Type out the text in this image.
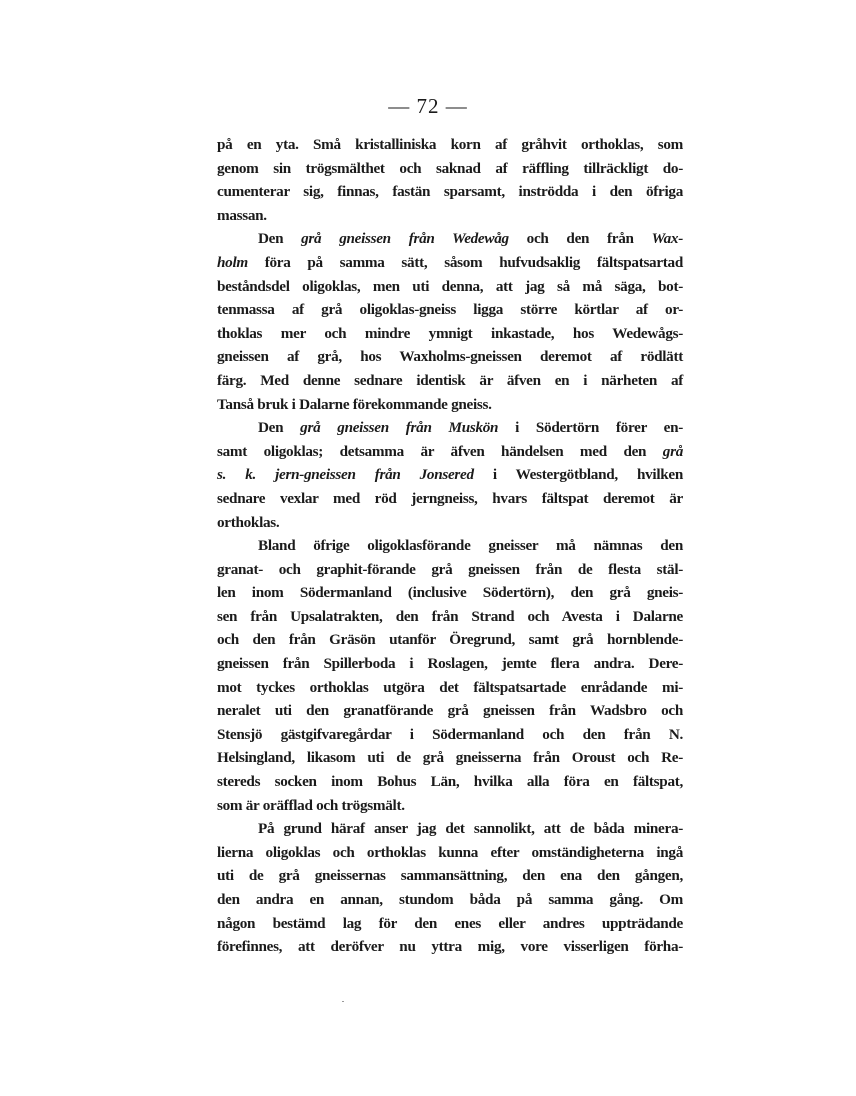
— 72 —
på en yta. Små kristalliniska korn af gråhvit orthoklas, som
genom sin trögsmälthet och saknad af räffling tillräckligt do-
cumenterar sig, finnas, fastän sparsamt, inströdda i den öfriga
massan.
Den grå gneissen från Wedewåg och den från Wax-
holm föra på samma sätt, såsom hufvudsaklig fältspatsartad
beståndsdel oligoklas, men uti denna, att jag så må säga, bot-
tenmassa af grå oligoklas-gneiss ligga större körtlar af or-
thoklas mer och mindre ymnigt inkastade, hos Wedewågs-
gneissen af grå, hos Waxholms-gneissen deremot af rödlätt
färg. Med denne sednare identisk är äfven en i närheten af
Tanså bruk i Dalarne förekommande gneiss.
Den grå gneissen från Muskön i Södertörn förer en-
samt oligoklas; detsamma är äfven händelsen med den grå
s. k. jern-gneissen från Jonsered i Westergötbland, hvilken
sednare vexlar med röd jerngneiss, hvars fältspat deremot är
orthoklas.
Bland öfrige oligoklasförande gneisser må nämnas den
granat- och graphit-förande grå gneissen från de flesta stäl-
len inom Södermanland (inclusive Södertörn), den grå gneis-
sen från Upsalatrakten, den från Strand och Avesta i Dalarne
och den från Gräsön utanför Öregrund, samt grå hornblende-
gneissen från Spillerboda i Roslagen, jemte flera andra. Dere-
mot tyckes orthoklas utgöra det fältspatsartade enrådande mi-
neralet uti den granatförande grå gneissen från Wadsbro och
Stensjö gästgifvaregårdar i Södermanland och den från N.
Helsingland, likasom uti de grå gneisserna från Oroust och Re-
stereds socken inom Bohus Län, hvilka alla föra en fältspat,
som är oräfflad och trögsmält.
På grund häraf anser jag det sannolikt, att de båda minera-
lierna oligoklas och orthoklas kunna efter omständigheterna ingå
uti de grå gneissernas sammansättning, den ena den gången,
den andra en annan, stundom båda på samma gång. Om
någon bestämd lag för den enes eller andres uppträdande
förefinnes, att deröfver nu yttra mig, vore visserligen förha-
